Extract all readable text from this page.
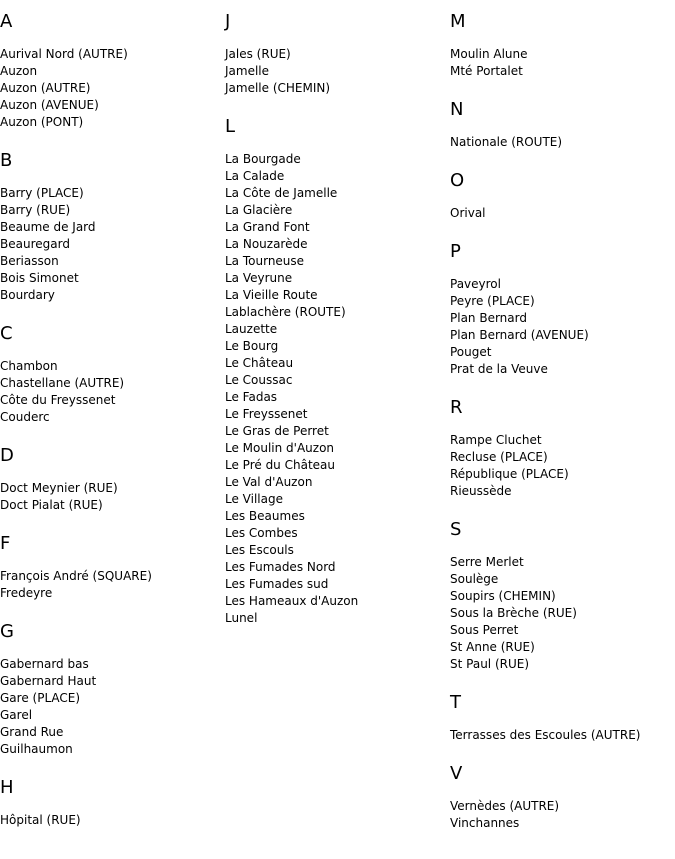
A
Aurival Nord (AUTRE)
Auzon
Auzon (AUTRE)
Auzon (AVENUE)
Auzon (PONT)
B
Barry (PLACE)
Barry (RUE)
Beaume de Jard
Beauregard
Beriasson
Bois Simonet
Bourdary
C
Chambon
Chastellane (AUTRE)
Côte du Freyssenet
Couderc
D
Doct Meynier (RUE)
Doct Pialat (RUE)
F
François André (SQUARE)
Fredeyre
G
Gabernard bas
Gabernard Haut
Gare (PLACE)
Garel
Grand Rue
Guilhaumon
H
Hôpital (RUE)
J
Jales (RUE)
Jamelle
Jamelle (CHEMIN)
L
La Bourgade
La Calade
La Côte de Jamelle
La Glacière
La Grand Font
La Nouzarède
La Tourneuse
La Veyrune
La Vieille Route
Lablachère (ROUTE)
Lauzette
Le Bourg
Le Château
Le Coussac
Le Fadas
Le Freyssenet
Le Gras de Perret
Le Moulin d'Auzon
Le Pré du Château
Le Val d'Auzon
Le Village
Les Beaumes
Les Combes
Les Escouls
Les Fumades Nord
Les Fumades sud
Les Hameaux d'Auzon
Lunel
M
Moulin Alune
Mté Portalet
N
Nationale (ROUTE)
O
Orival
P
Paveyrol
Peyre (PLACE)
Plan Bernard
Plan Bernard (AVENUE)
Pouget
Prat de la Veuve
R
Rampe Cluchet
Recluse (PLACE)
République (PLACE)
Rieussède
S
Serre Merlet
Soulège
Soupirs (CHEMIN)
Sous la Brèche (RUE)
Sous Perret
St Anne (RUE)
St Paul (RUE)
T
Terrasses des Escoules (AUTRE)
V
Vernèdes (AUTRE)
Vinchannes
